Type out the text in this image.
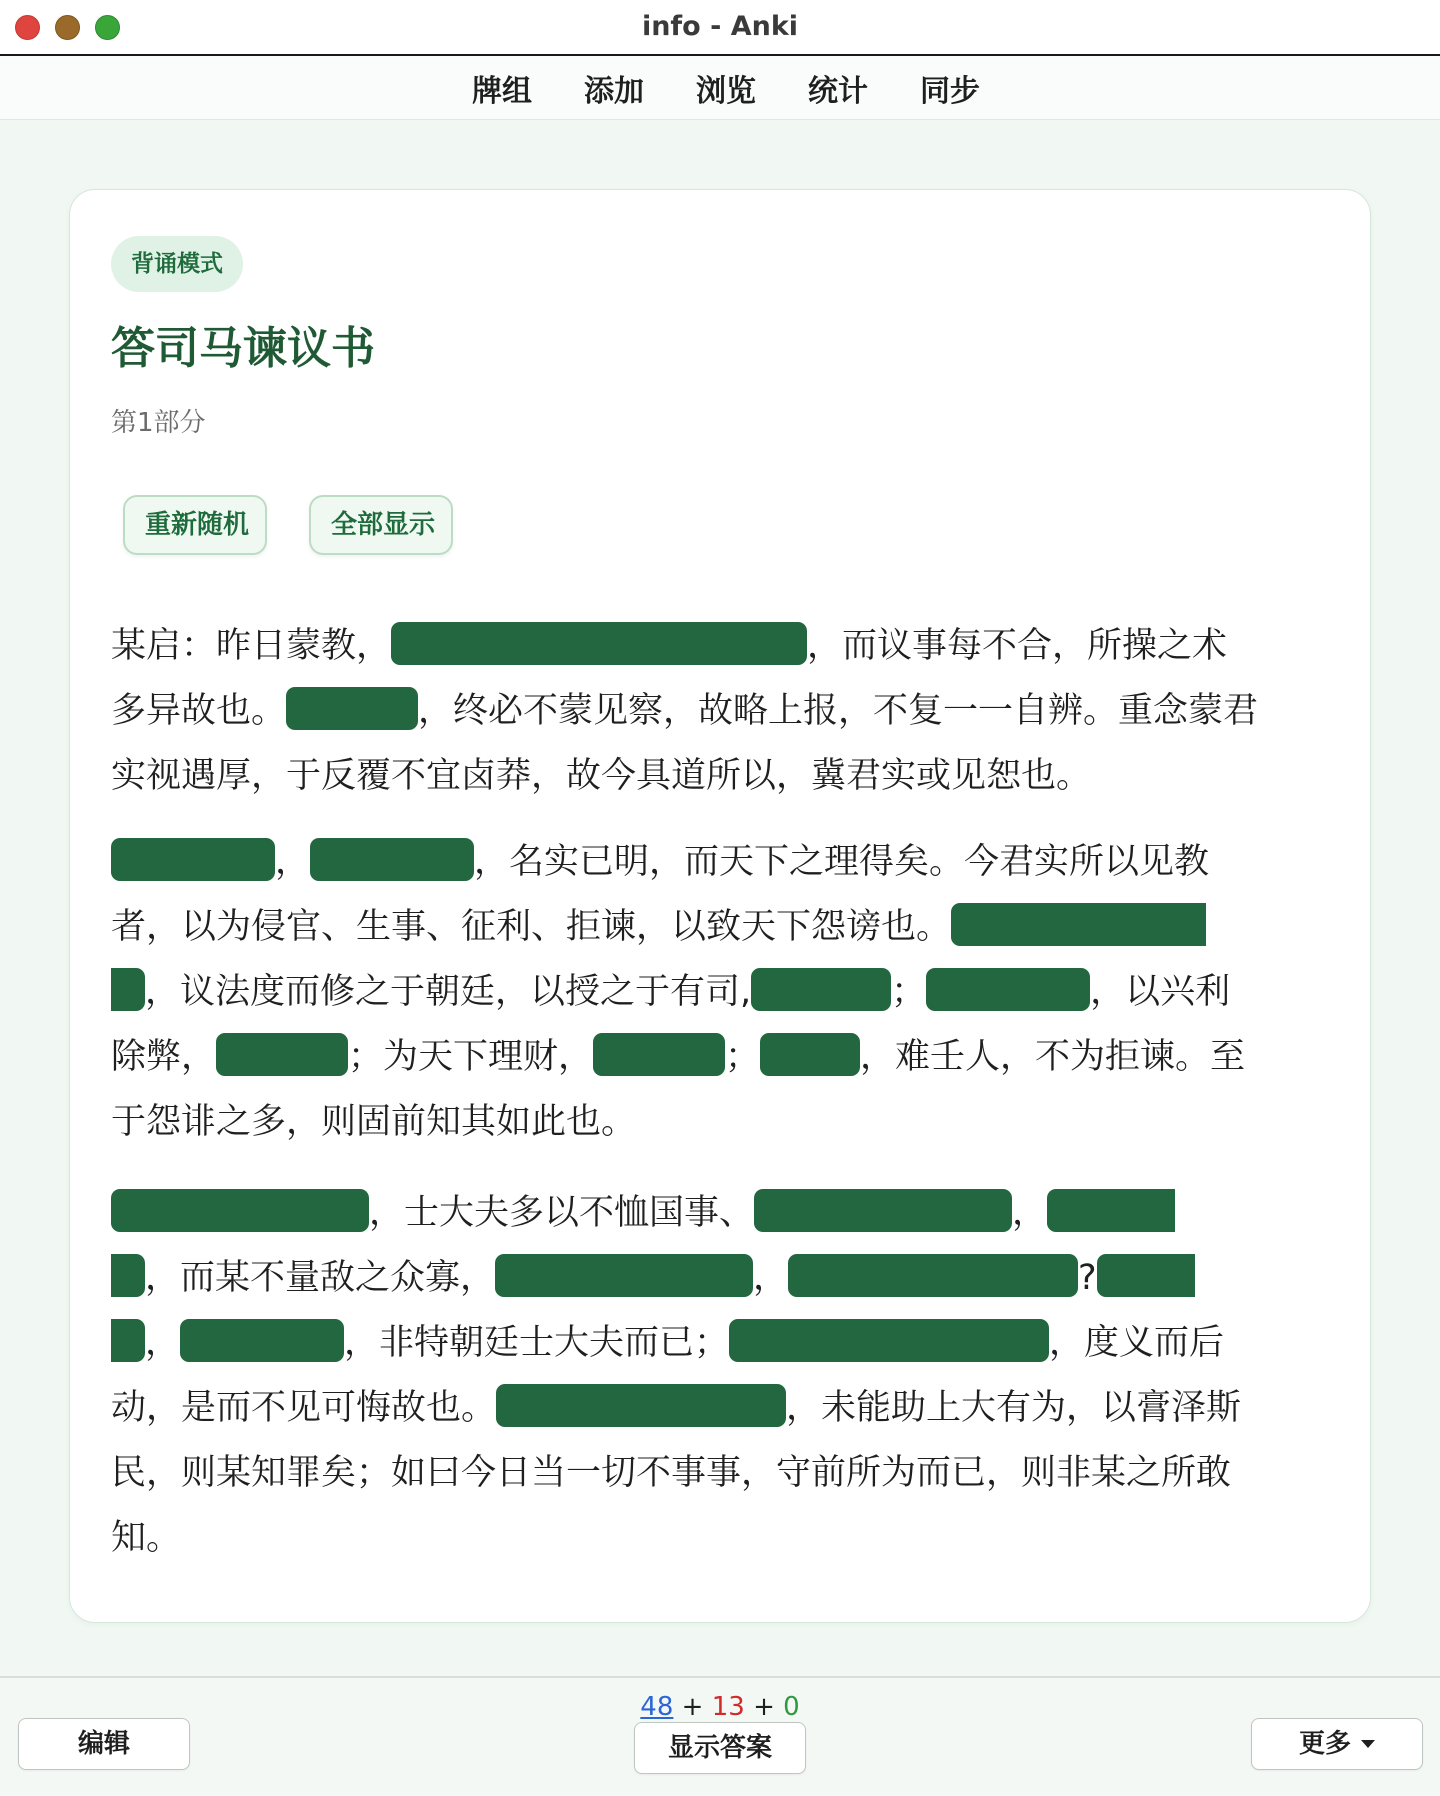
info - Anki
牌组 添加 浏览 统计 同步
背诵模式
答司马谏议书
第1部分
重新随机	全部显示
某启：昨日蒙教，	，而议事每不合，所操之术
多异故也。	，终必不蒙见察，故略上报，不复一一自辨。重念蒙君
实视遇厚，于反覆不宜卤莽，故今具道所以，冀君实或见恕也。
，	，名实已明，而天下之理得矣。今君实所以见教
者，以为侵官、生事、征利、拒谏，以致天下怨谤也。
，议法度而修之于朝廷，以授之于有司,	；	，以兴利
除弊，	；为天下理财，	；	，难壬人，不为拒谏。至
于怨诽之多，则固前知其如此也。
，士大夫多以不恤国事、	，
，而某不量敌之众寡，	，	?
，	，非特朝廷士大夫而已；	，度义而后
动，是而不见可悔故也。	，未能助上大有为，以膏泽斯
民，则某知罪矣；如曰今日当一切不事事，守前所为而已，则非某之所敢
知。
48 + 13 + 0
编辑	显示答案	更多
